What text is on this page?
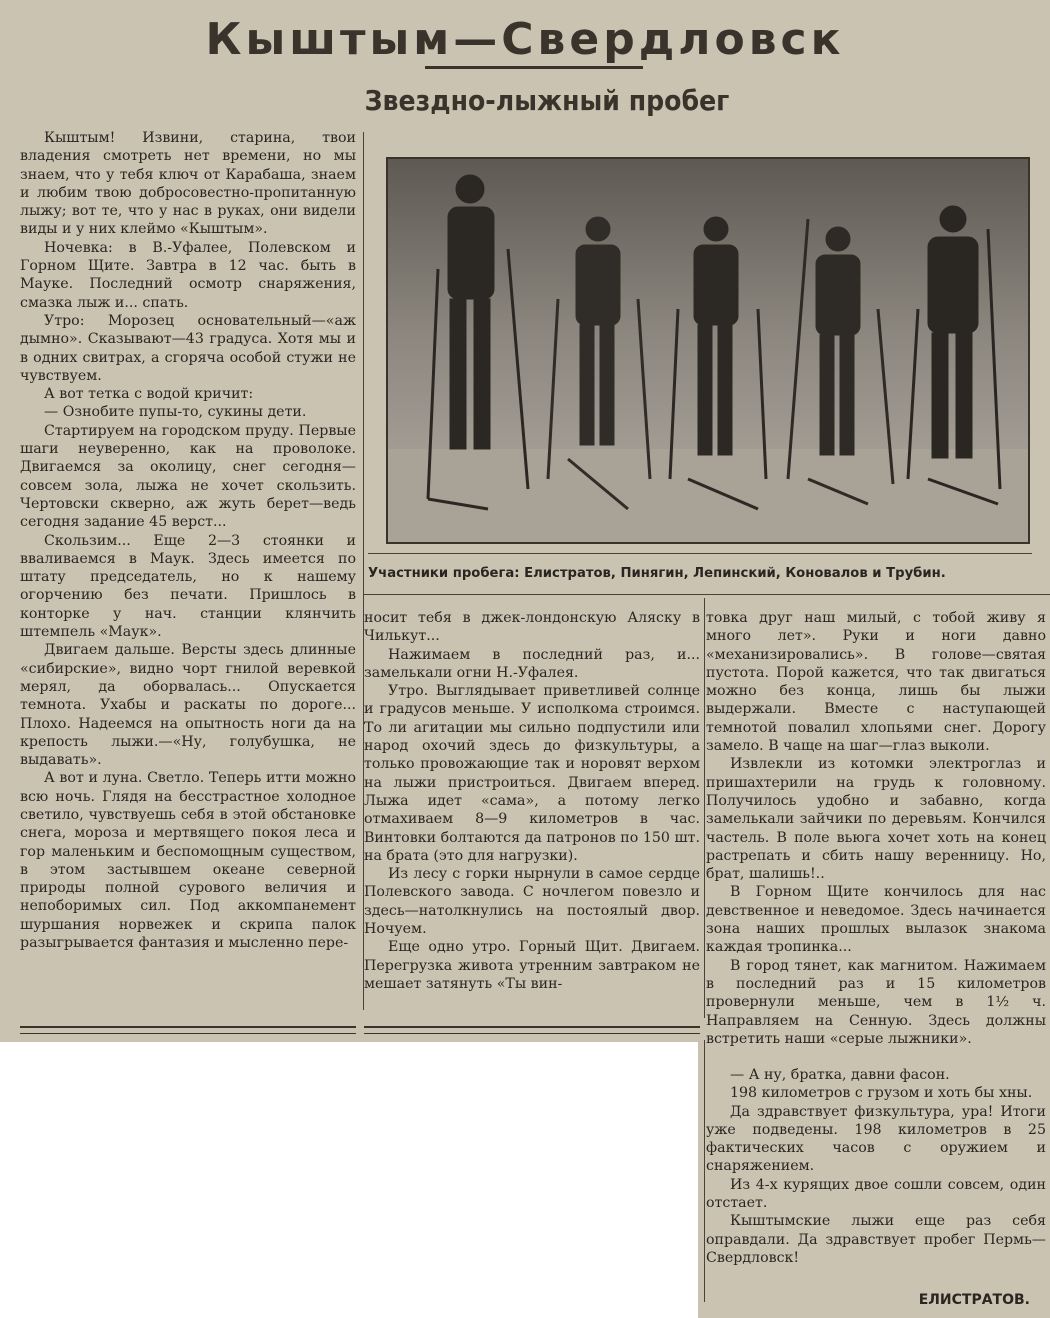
Кыштым—Свердловск
Звездно-лыжный пробег
Участники пробега: Елистратов, Пинягин, Лепинский, Коновалов и Трубин.

Кыштым! Извини, старина, твои владения смотреть нет времени, но мы знаем, что у тебя ключ от Карабаша, знаем и любим твою добросовестно-пропитанную лыжу; вот те, что у нас в руках, они видели виды и у них клеймо «Кыштым».

Ночевка: в В.-Уфалее, Полевском и Горном Щите. Завтра в 12 час. быть в Мауке. Последний осмотр снаряжения, смазка лыж и... спать.

Утро: Морозец основательный—«аж дымно». Сказывают—43 градуса. Хотя мы и в одних свитрах, а сгоряча особой стужи не чувствуем.

А вот тетка с водой кричит:

— Ознобите пупы-то, сукины дети.

Стартируем на городском пруду. Первые шаги неуверенно, как на проволоке. Двигаемся за околицу, снег сегодня—совсем зола, лыжа не хочет скользить. Чертовски скверно, аж жуть берет—ведь сегодня задание 45 верст...

Скользим... Еще 2—3 стоянки и вваливаемся в Маук. Здесь имеется по штату председатель, но к нашему огорчению без печати. Пришлось в конторке у нач. станции клянчить штемпель «Маук».

Двигаем дальше. Версты здесь длинные «сибирские», видно чорт гнилой веревкой мерял, да оборвалась... Опускается темнота. Ухабы и раскаты по дороге... Плохо. Надеемся на опытность ноги да на крепость лыжи.—«Ну, голубушка, не выдавать».

А вот и луна. Светло. Теперь итти можно всю ночь. Глядя на бесстрастное холодное светило, чувствуешь себя в этой обстановке снега, мороза и мертвящего покоя леса и гор маленьким и беспомощным существом, в этом застывшем океане северной природы полной сурового величия и непоборимых сил. Под аккомпанемент шуршания норвежек и скрипа палок разыгрывается фантазия и мысленно пере-

носит тебя в джек-лондонскую Аляску в Чилькут...

Нажимаем в последний раз, и... замелькали огни Н.-Уфалея.

Утро. Выглядывает приветливей солнце и градусов меньше. У исполкома строимся. То ли агитации мы сильно подпустили или народ охочий здесь до физкультуры, а только провожающие так и норовят верхом на лыжи пристроиться. Двигаем вперед. Лыжа идет «сама», а потому легко отмахиваем 8—9 километров в час. Винтовки болтаются да патронов по 150 шт. на брата (это для нагрузки).

Из лесу с горки нырнули в самое сердце Полевского завода. С ночлегом повезло и здесь—натолкнулись на постоялый двор. Ночуем.

Еще одно утро. Горный Щит. Двигаем. Перегрузка живота утренним завтраком не мешает затянуть «Ты вин-

товка друг наш милый, с тобой живу я много лет». Руки и ноги давно «механизировались». В голове—святая пустота. Порой кажется, что так двигаться можно без конца, лишь бы лыжи выдержали. Вместе с наступающей темнотой повалил хлопьями снег. Дорогу замело. В чаще на шаг—глаз выколи.

Извлекли из котомки электроглаз и пришахтерили на грудь к головному. Получилось удобно и забавно, когда замелькали зайчики по деревьям. Кончился частель. В поле вьюга хочет хоть на конец растрепать и сбить нашу веренницу. Но, брат, шалишь!..

В Горном Щите кончилось для нас девственное и неведомое. Здесь начинается зона наших прошлых вылазок знакома каждая тропинка...

В город тянет, как магнитом. Нажимаем в последний раз и 15 километров провернули меньше, чем в 1½ ч. Направляем на Сенную. Здесь должны встретить наши «серые лыжники».

— А ну, братка, давни фасон.

198 километров с грузом и хоть бы хны.

Да здравствует физкультура, ура! Итоги уже подведены. 198 километров в 25 фактических часов с оружием и снаряжением.

Из 4-х курящих двое сошли совсем, один отстает.

Кыштымские лыжи еще раз себя оправдали. Да здравствует пробег Пермь—Свердловск!

ЕЛИСТРАТОВ.
